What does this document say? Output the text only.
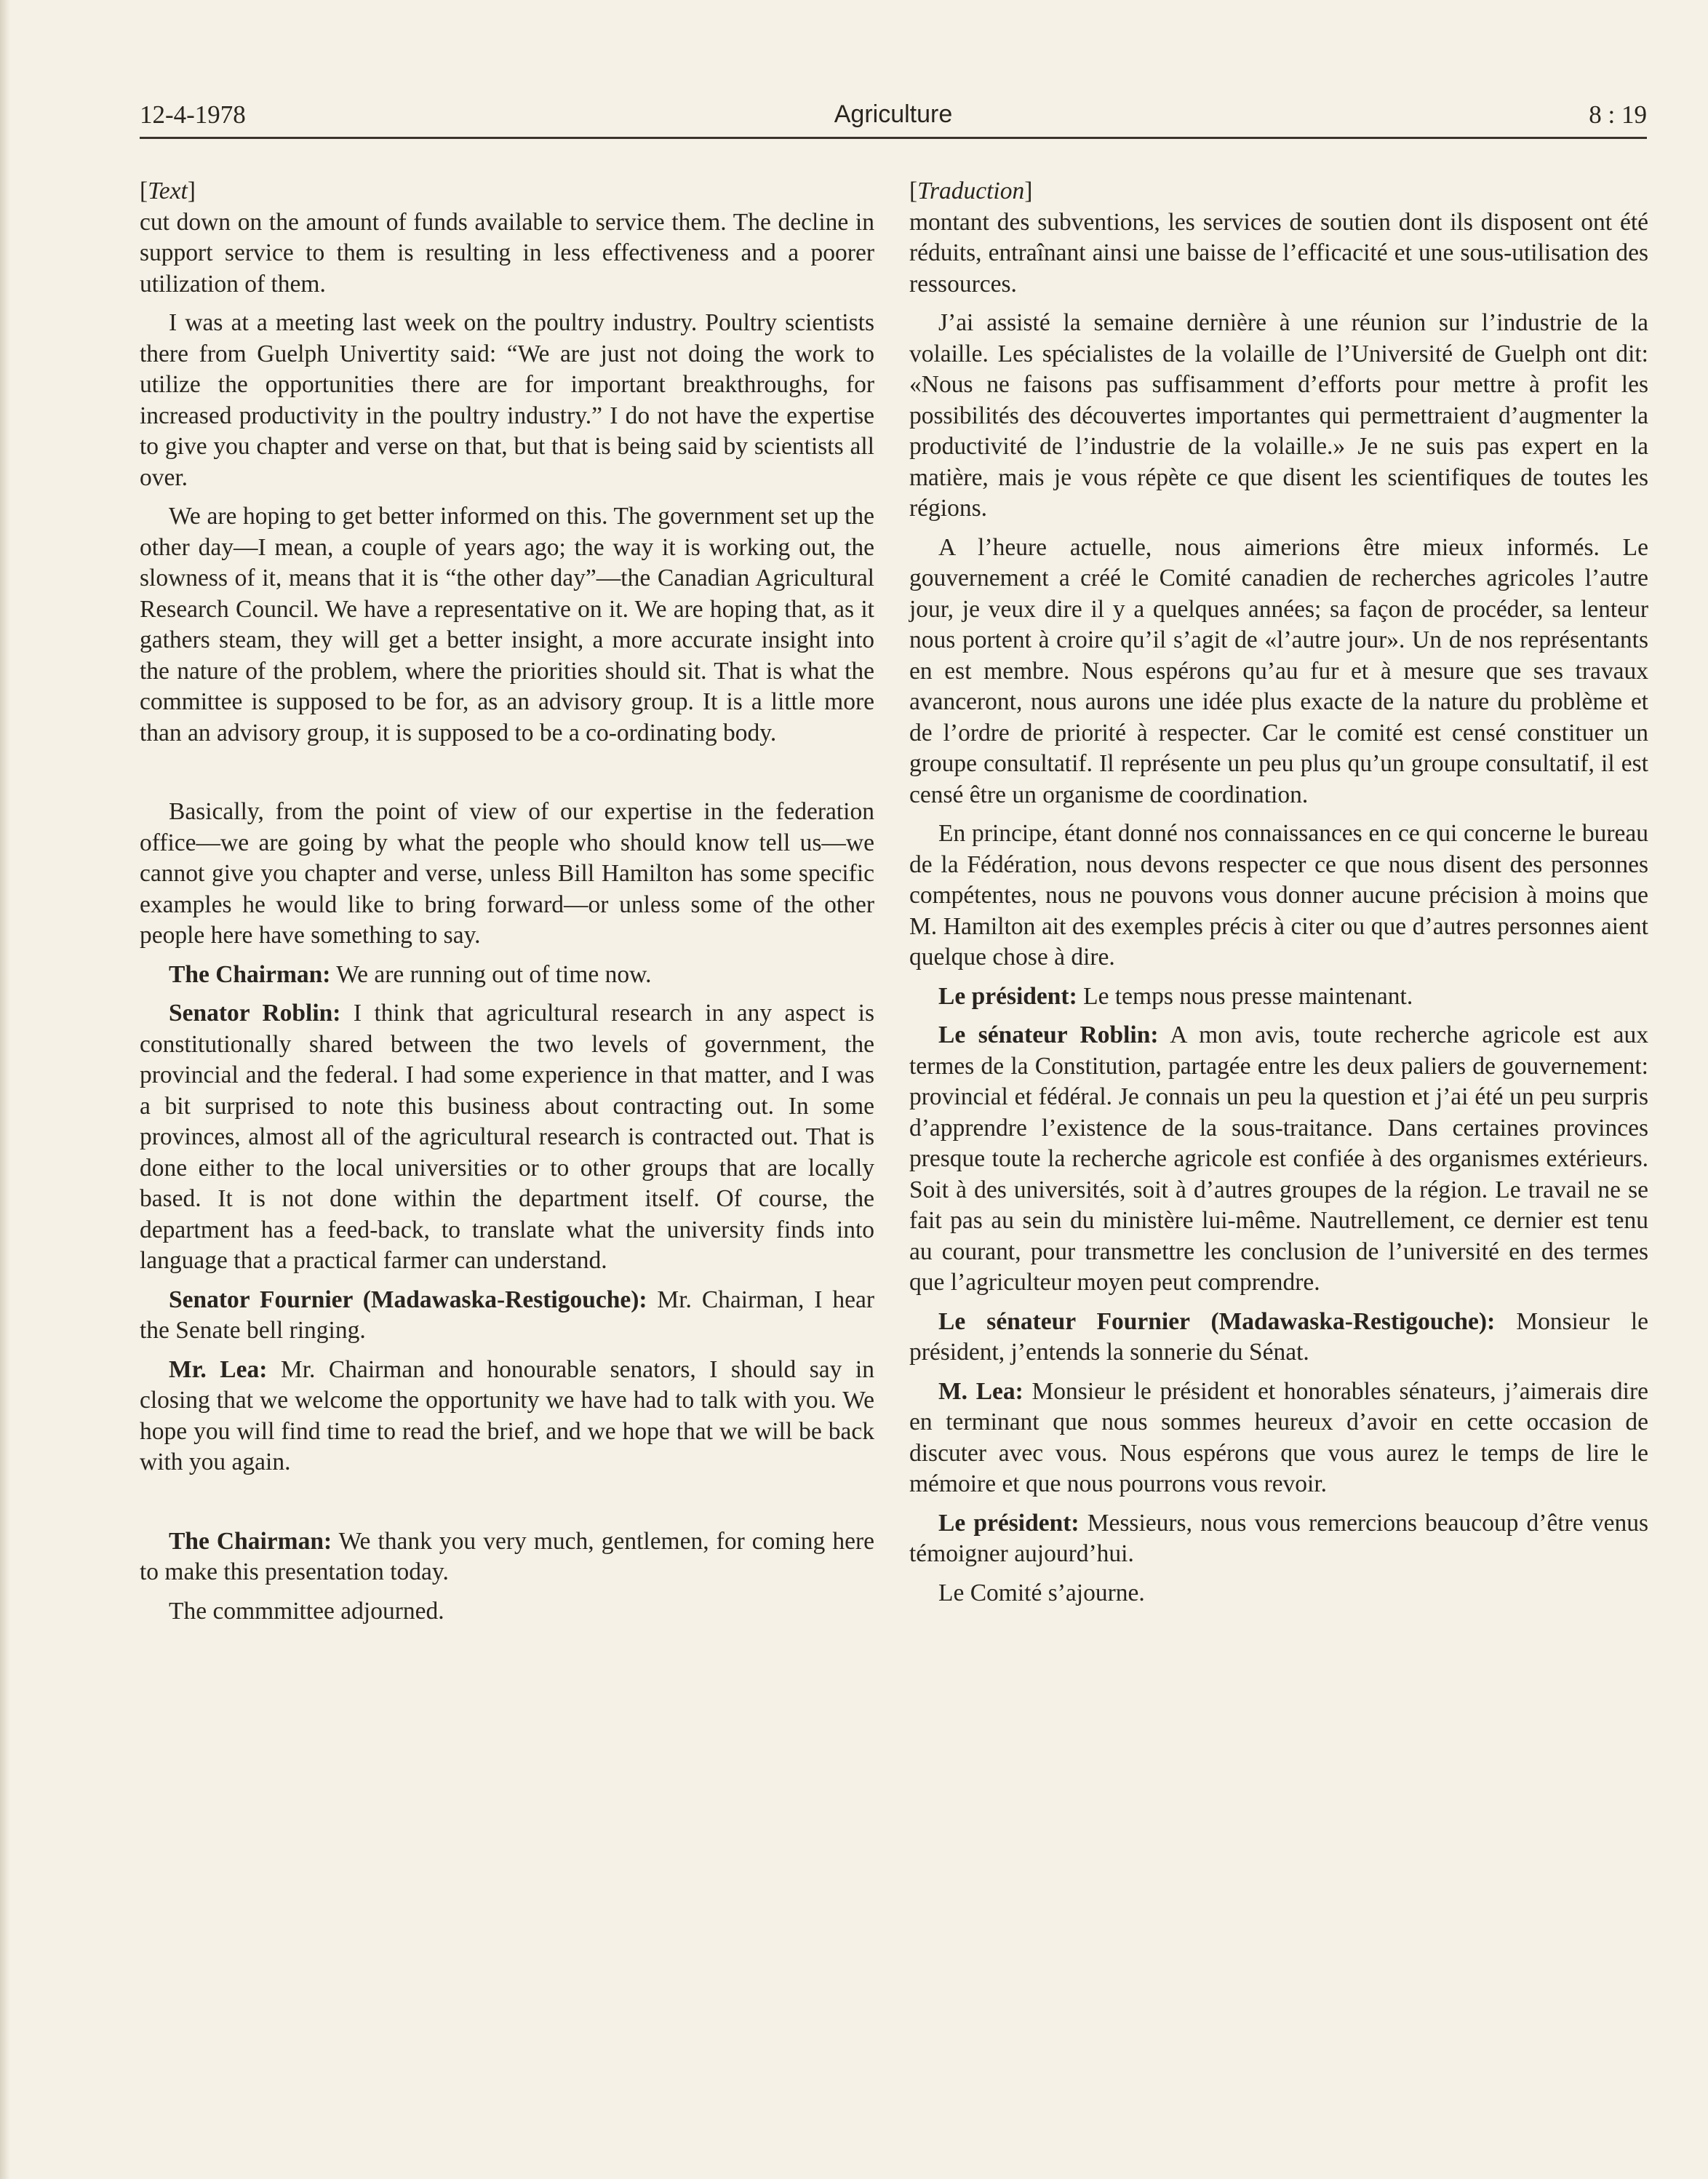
12-4-1978	Agriculture	8 : 19
[Text]

cut down on the amount of funds available to service them. The decline in support service to them is resulting in less effectiveness and a poorer utilization of them.

I was at a meeting last week on the poultry industry. Poultry scientists there from Guelph Univertity said: “We are just not doing the work to utilize the opportunities there are for important breakthroughs, for increased productivity in the poultry industry.” I do not have the expertise to give you chapter and verse on that, but that is being said by scientists all over.

We are hoping to get better informed on this. The government set up the other day—I mean, a couple of years ago; the way it is working out, the slowness of it, means that it is “the other day”—the Canadian Agricultural Research Council. We have a representative on it. We are hoping that, as it gathers steam, they will get a better insight, a more accurate insight into the nature of the problem, where the priorities should sit. That is what the committee is supposed to be for, as an advisory group. It is a little more than an advisory group, it is supposed to be a co-ordinating body.

Basically, from the point of view of our expertise in the federation office—we are going by what the people who should know tell us—we cannot give you chapter and verse, unless Bill Hamilton has some specific examples he would like to bring forward—or unless some of the other people here have something to say.

The Chairman: We are running out of time now.

Senator Roblin: I think that agricultural research in any aspect is constitutionally shared between the two levels of government, the provincial and the federal. I had some experience in that matter, and I was a bit surprised to note this business about contracting out. In some provinces, almost all of the agricultural research is contracted out. That is done either to the local universities or to other groups that are locally based. It is not done within the department itself. Of course, the department has a feed-back, to translate what the university finds into language that a practical farmer can understand.

Senator Fournier (Madawaska-Restigouche): Mr. Chairman, I hear the Senate bell ringing.

Mr. Lea: Mr. Chairman and honourable senators, I should say in closing that we welcome the opportunity we have had to talk with you. We hope you will find time to read the brief, and we hope that we will be back with you again.

The Chairman: We thank you very much, gentlemen, for coming here to make this presentation today.

The commmittee adjourned.

[Traduction]

montant des subventions, les services de soutien dont ils disposent ont été réduits, entraînant ainsi une baisse de l’efficacité et une sous-utilisation des ressources.

J’ai assisté la semaine dernière à une réunion sur l’industrie de la volaille. Les spécialistes de la volaille de l’Université de Guelph ont dit: «Nous ne faisons pas suffisamment d’efforts pour mettre à profit les possibilités des découvertes importantes qui permettraient d’augmenter la productivité de l’industrie de la volaille.» Je ne suis pas expert en la matière, mais je vous répète ce que disent les scientifiques de toutes les régions.

A l’heure actuelle, nous aimerions être mieux informés. Le gouvernement a créé le Comité canadien de recherches agricoles l’autre jour, je veux dire il y a quelques années; sa façon de procéder, sa lenteur nous portent à croire qu’il s’agit de «l’autre jour». Un de nos représentants en est membre. Nous espérons qu’au fur et à mesure que ses travaux avanceront, nous aurons une idée plus exacte de la nature du problème et de l’ordre de priorité à respecter. Car le comité est censé constituer un groupe consultatif. Il représente un peu plus qu’un groupe consultatif, il est censé être un organisme de coordination.

En principe, étant donné nos connaissances en ce qui concerne le bureau de la Fédération, nous devons respecter ce que nous disent des personnes compétentes, nous ne pouvons vous donner aucune précision à moins que M. Hamilton ait des exemples précis à citer ou que d’autres personnes aient quelque chose à dire.

Le président: Le temps nous presse maintenant.

Le sénateur Roblin: A mon avis, toute recherche agricole est aux termes de la Constitution, partagée entre les deux paliers de gouvernement: provincial et fédéral. Je connais un peu la question et j’ai été un peu surpris d’apprendre l’existence de la sous-traitance. Dans certaines provinces presque toute la recherche agricole est confiée à des organismes extérieurs. Soit à des universités, soit à d’autres groupes de la région. Le travail ne se fait pas au sein du ministère lui-même. Nautrellement, ce dernier est tenu au courant, pour transmettre les conclusion de l’université en des termes que l’agriculteur moyen peut comprendre.

Le sénateur Fournier (Madawaska-Restigouche): Monsieur le président, j’entends la sonnerie du Sénat.

M. Lea: Monsieur le président et honorables sénateurs, j’aimerais dire en terminant que nous sommes heureux d’avoir en cette occasion de discuter avec vous. Nous espérons que vous aurez le temps de lire le mémoire et que nous pourrons vous revoir.

Le président: Messieurs, nous vous remercions beaucoup d’être venus témoigner aujourd’hui.

Le Comité s’ajourne.
